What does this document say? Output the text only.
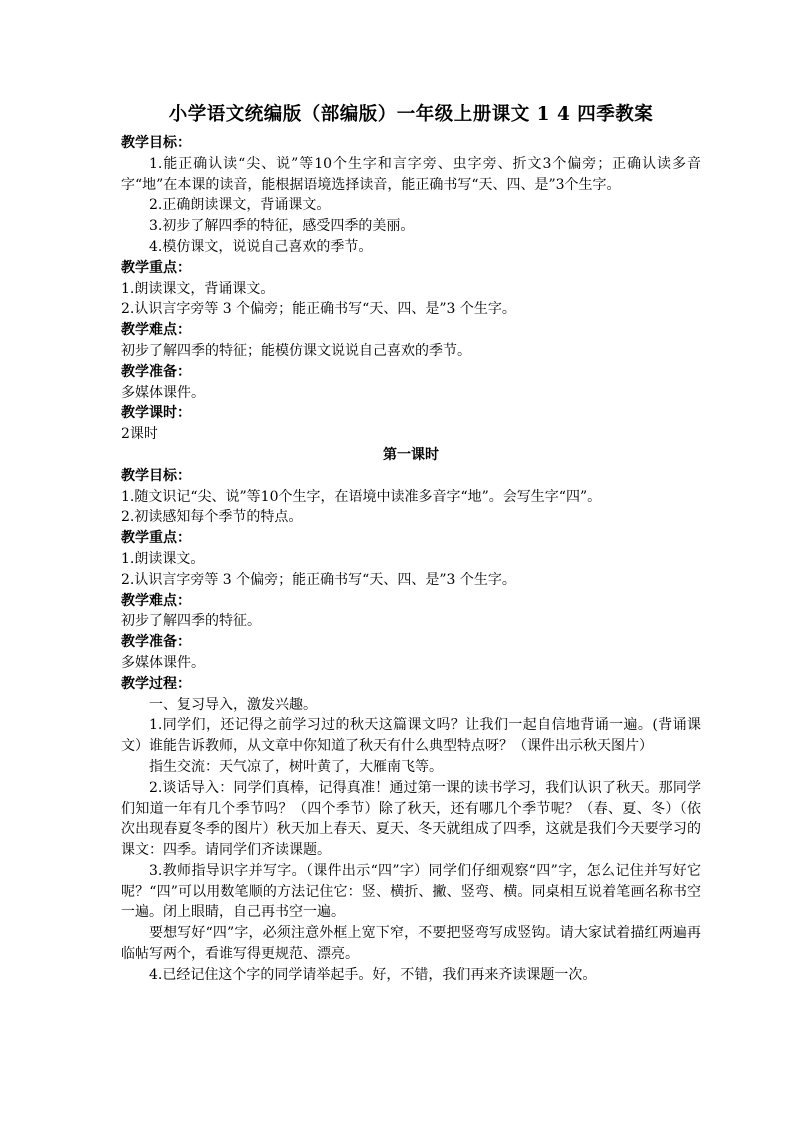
小学语文统编版（部编版）一年级上册课文 1 4 四季教案

教学目标：

1.能正确认读“尖、说”等10个生字和言字旁、虫字旁、折文3个偏旁；正确认读多音字“地”在本课的读音，能根据语境选择读音，能正确书写“天、四、是”3个生字。

2.正确朗读课文，背诵课文。

3.初步了解四季的特征，感受四季的美丽。

4.模仿课文，说说自己喜欢的季节。

教学重点：

1.朗读课文，背诵课文。

2.认识言字旁等 3 个偏旁；能正确书写“天、四、是”3 个生字。

教学难点：

初步了解四季的特征；能模仿课文说说自己喜欢的季节。

教学准备：

多媒体课件。

教学课时：

2课时

第一课时

教学目标：

1.随文识记“尖、说”等10个生字，在语境中读准多音字“地”。会写生字“四”。

2.初读感知每个季节的特点。

教学重点：

1.朗读课文。

2.认识言字旁等 3 个偏旁；能正确书写“天、四、是”3 个生字。

教学难点：

初步了解四季的特征。

教学准备：

多媒体课件。

教学过程：

一、复习导入，激发兴趣。

1.同学们，还记得之前学习过的秋天这篇课文吗？让我们一起自信地背诵一遍。(背诵课文）谁能告诉教师，从文章中你知道了秋天有什么典型特点呀？（课件出示秋天图片）

指生交流：天气凉了，树叶黄了，大雁南飞等。

2.谈话导入：同学们真棒，记得真准！通过第一课的读书学习，我们认识了秋天。那同学们知道一年有几个季节吗？（四个季节）除了秋天，还有哪几个季节呢？（春、夏、冬）（依次出现春夏冬季的图片）秋天加上春天、夏天、冬天就组成了四季，这就是我们今天要学习的课文：四季。请同学们齐读课题。

3.教师指导识字并写字。（课件出示“四”字）同学们仔细观察“四”字，怎么记住并写好它呢？“四”可以用数笔顺的方法记住它：竖、横折、撇、竖弯、横。同桌相互说着笔画名称书空一遍。闭上眼睛，自己再书空一遍。

要想写好“四”字，必须注意外框上宽下窄，不要把竖弯写成竖钩。请大家试着描红两遍再临帖写两个，看谁写得更规范、漂亮。

4.已经记住这个字的同学请举起手。好，不错，我们再来齐读课题一次。
